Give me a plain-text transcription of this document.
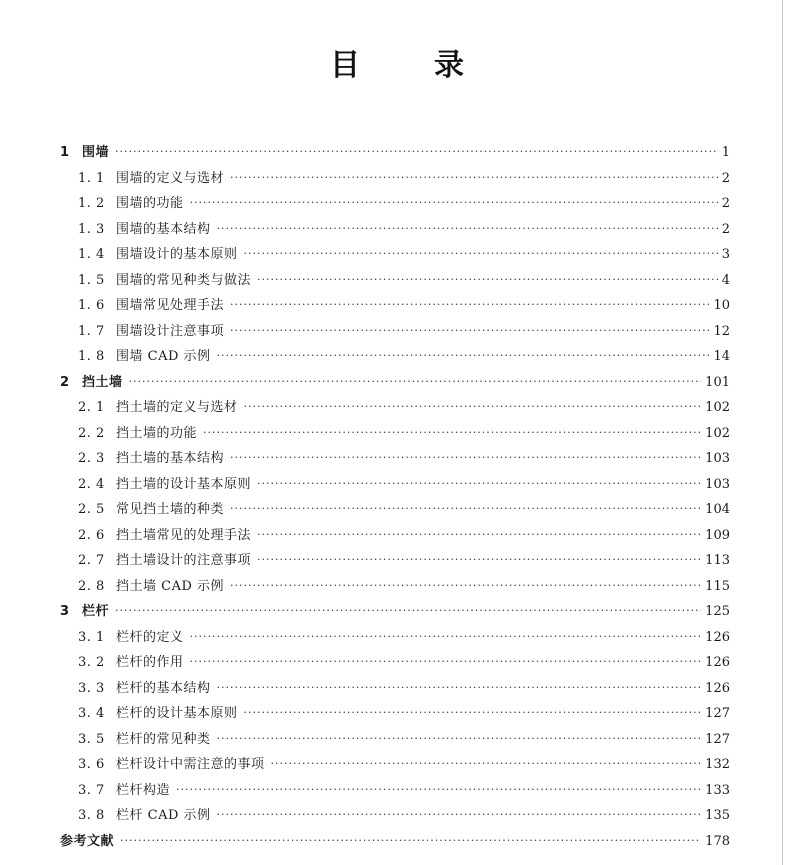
目 录
1 围墙 ·····	1
1. 1 围墙的定义与选材 ·····	2
1. 2 围墙的功能 ·····	2
1. 3 围墙的基本结构 ·····	2
1. 4 围墙设计的基本原则 ·····	3
1. 5 围墙的常见种类与做法 ·····	4
1. 6 围墙常见处理手法 ·····	10
1. 7 围墙设计注意事项 ·····	12
1. 8 围墙 CAD 示例 ·····	14
2 挡土墙 ·····	101
2. 1 挡土墙的定义与选材 ·····	102
2. 2 挡土墙的功能 ·····	102
2. 3 挡土墙的基本结构 ·····	103
2. 4 挡土墙的设计基本原则 ·····	103
2. 5 常见挡土墙的种类 ·····	104
2. 6 挡土墙常见的处理手法 ·····	109
2. 7 挡土墙设计的注意事项 ·····	113
2. 8 挡土墙 CAD 示例 ·····	115
3 栏杆 ·····	125
3. 1 栏杆的定义 ·····	126
3. 2 栏杆的作用 ·····	126
3. 3 栏杆的基本结构 ·····	126
3. 4 栏杆的设计基本原则 ·····	127
3. 5 栏杆的常见种类 ·····	127
3. 6 栏杆设计中需注意的事项 ·····	132
3. 7 栏杆构造 ·····	133
3. 8 栏杆 CAD 示例 ·····	135
参考文献 ·····	178
